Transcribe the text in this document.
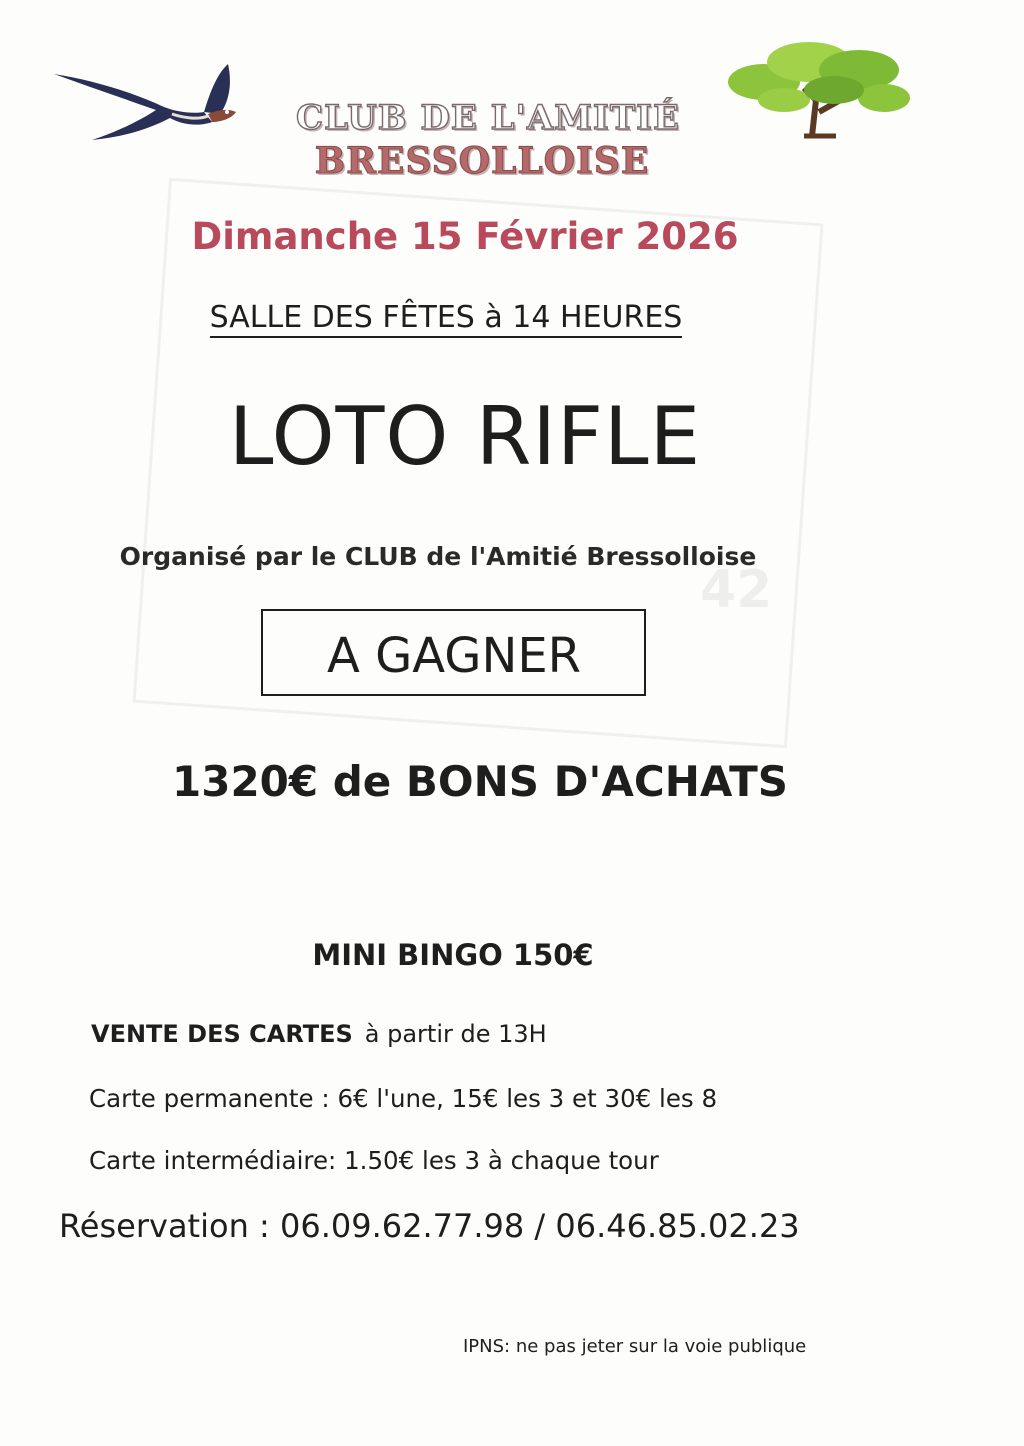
42
CLUB DE L'AMITIÉ
BRESSOLLOISE
Dimanche 15 Février 2026
SALLE DES FÊTES à 14 HEURES
LOTO RIFLE
Organisé par le CLUB de l'Amitié Bressolloise
A GAGNER
1320€ de BONS D'ACHATS
MINI BINGO 150€
VENTE DES CARTES à partir de 13H
Carte permanente : 6€ l'une, 15€ les 3 et 30€ les 8
Carte intermédiaire: 1.50€ les 3 à chaque tour
Réservation : 06.09.62.77.98 / 06.46.85.02.23
IPNS: ne pas jeter sur la voie publique
